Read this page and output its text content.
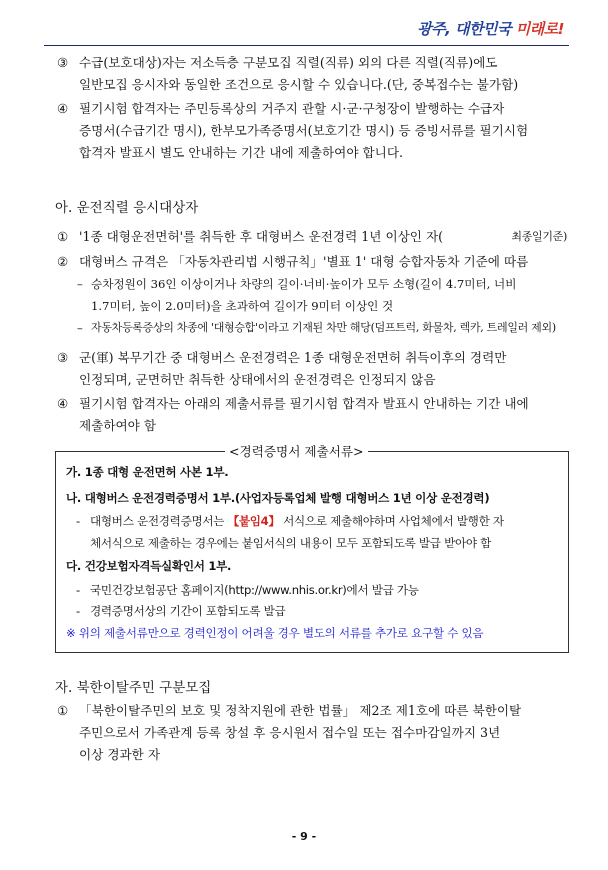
광주, 대한민국 미래로!
③ 수급(보호대상)자는 저소득층 구분모집 직렬(직류) 외의 다른 직렬(직류)에도
일반모집 응시자와 동일한 조건으로 응시할 수 있습니다.(단, 중복접수는 불가함)
④ 필기시험 합격자는 주민등록상의 거주지 관할 시·군·구청장이 발행하는 수급자
증명서(수급기간 명시), 한부모가족증명서(보호기간 명시) 등 증빙서류를 필기시험
합격자 발표시 별도 안내하는 기간 내에 제출하여야 합니다.
아. 운전직렬 응시대상자
① '1종 대형운전면허'를 취득한 후 대형버스 운전경력 1년 이상인 자(	최종일기준)
② 대형버스 규격은 「자동차관리법 시행규칙」'별표 1' 대형 승합자동차 기준에 따름
– 승차정원이 36인 이상이거나 차량의 길이·너비·높이가 모두 소형(길이 4.7미터, 너비
1.7미터, 높이 2.0미터)을 초과하여 길이가 9미터 이상인 것
– 자동차등록증상의 차종에 '대형승합'이라고 기재된 차만 해당(덤프트럭, 화물차, 렉카, 트레일러 제외)
③ 군(軍) 복무기간 중 대형버스 운전경력은 1종 대형운전면허 취득이후의 경력만
인정되며, 군면허만 취득한 상태에서의 운전경력은 인정되지 않음
④ 필기시험 합격자는 아래의 제출서류를 필기시험 합격자 발표시 안내하는 기간 내에
제출하여야 함
<경력증명서 제출서류>
가. 1종 대형 운전면허 사본 1부.
나. 대형버스 운전경력증명서 1부.(사업자등록업체 발행 대형버스 1년 이상 운전경력)
- 대형버스 운전경력증명서는 【붙임4】 서식으로 제출해야하며 사업체에서 발행한 자
체서식으로 제출하는 경우에는 붙임서식의 내용이 모두 포함되도록 발급 받아야 함
다. 건강보험자격득실확인서 1부.
- 국민건강보험공단 홈페이지(http://www.nhis.or.kr)에서 발급 가능
- 경력증명서상의 기간이 포함되도록 발급
※ 위의 제출서류만으로 경력인정이 어려울 경우 별도의 서류를 추가로 요구할 수 있음
자. 북한이탈주민 구분모집
① 「북한이탈주민의 보호 및 정착지원에 관한 법률」 제2조 제1호에 따른 북한이탈
주민으로서 가족관계 등록 창설 후 응시원서 접수일 또는 접수마감일까지 3년
이상 경과한 자
- 9 -
